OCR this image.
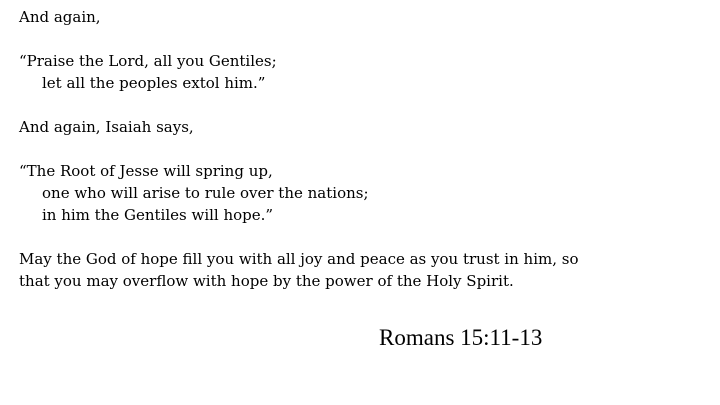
And again,

“Praise the Lord, all you Gentiles;

let all the peoples extol him.”

And again, Isaiah says,

“The Root of Jesse will spring up,

one who will arise to rule over the nations;

in him the Gentiles will hope.”

May the God of hope fill you with all joy and peace as you trust in him, so

that you may overflow with hope by the power of the Holy Spirit.

Romans 15:11-13
